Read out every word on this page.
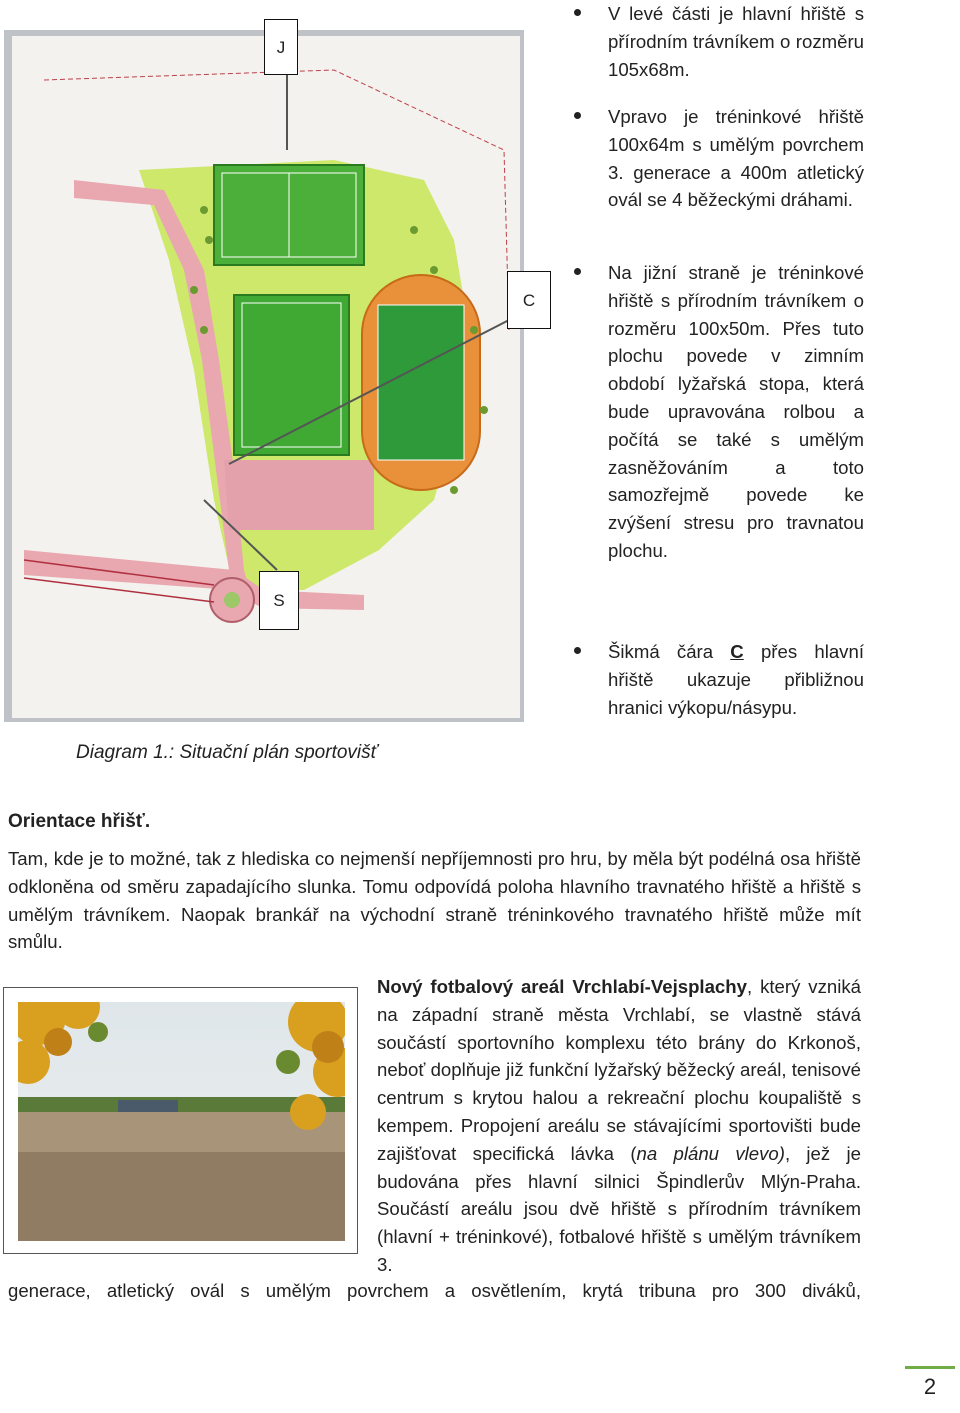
J
C
S
Diagram 1.: Situační plán sportovišť
V levé části je hlavní hřiště s přírodním trávníkem o rozměru 105x68m.
Vpravo je tréninkové hřiště 100x64m s umělým povrchem 3. generace a 400m atletický ovál se 4 běžeckými dráhami.
Na jižní straně je tréninkové hřiště s přírodním trávníkem o rozměru 100x50m. Přes tuto plochu povede v zimním období lyžařská stopa, která bude upravována rolbou a počítá se také s umělým zasněžováním a toto samozřejmě povede ke zvýšení stresu pro travnatou plochu.
Šikmá čára C přes hlavní hřiště ukazuje přibližnou hranici výkopu/násypu.
Orientace hřišť.
Tam, kde je to možné, tak z hlediska co nejmenší nepříjemnosti pro hru, by měla být podélná osa hřiště odkloněna od směru zapadajícího slunka. Tomu odpovídá poloha hlavního travnatého hřiště a hřiště s umělým trávníkem. Naopak brankář na východní straně tréninkového travnatého hřiště může mít smůlu.
Nový fotbalový areál Vrchlabí-Vejsplachy, který vzniká na západní straně města Vrchlabí, se vlastně stává součástí sportovního komplexu této brány do Krkonoš, neboť doplňuje již funkční lyžařský běžecký areál, tenisové centrum s krytou halou a rekreační plochu koupaliště s kempem. Propojení areálu se stávajícími sportovišti bude zajišťovat specifická lávka (na plánu vlevo), jež je budována přes hlavní silnici Špindlerův Mlýn-Praha. Součástí areálu jsou dvě hřiště s přírodním trávníkem (hlavní + tréninkové), fotbalové hřiště s umělým trávníkem 3.
generace, atletický ovál s umělým povrchem a osvětlením, krytá tribuna pro 300 diváků,
2
